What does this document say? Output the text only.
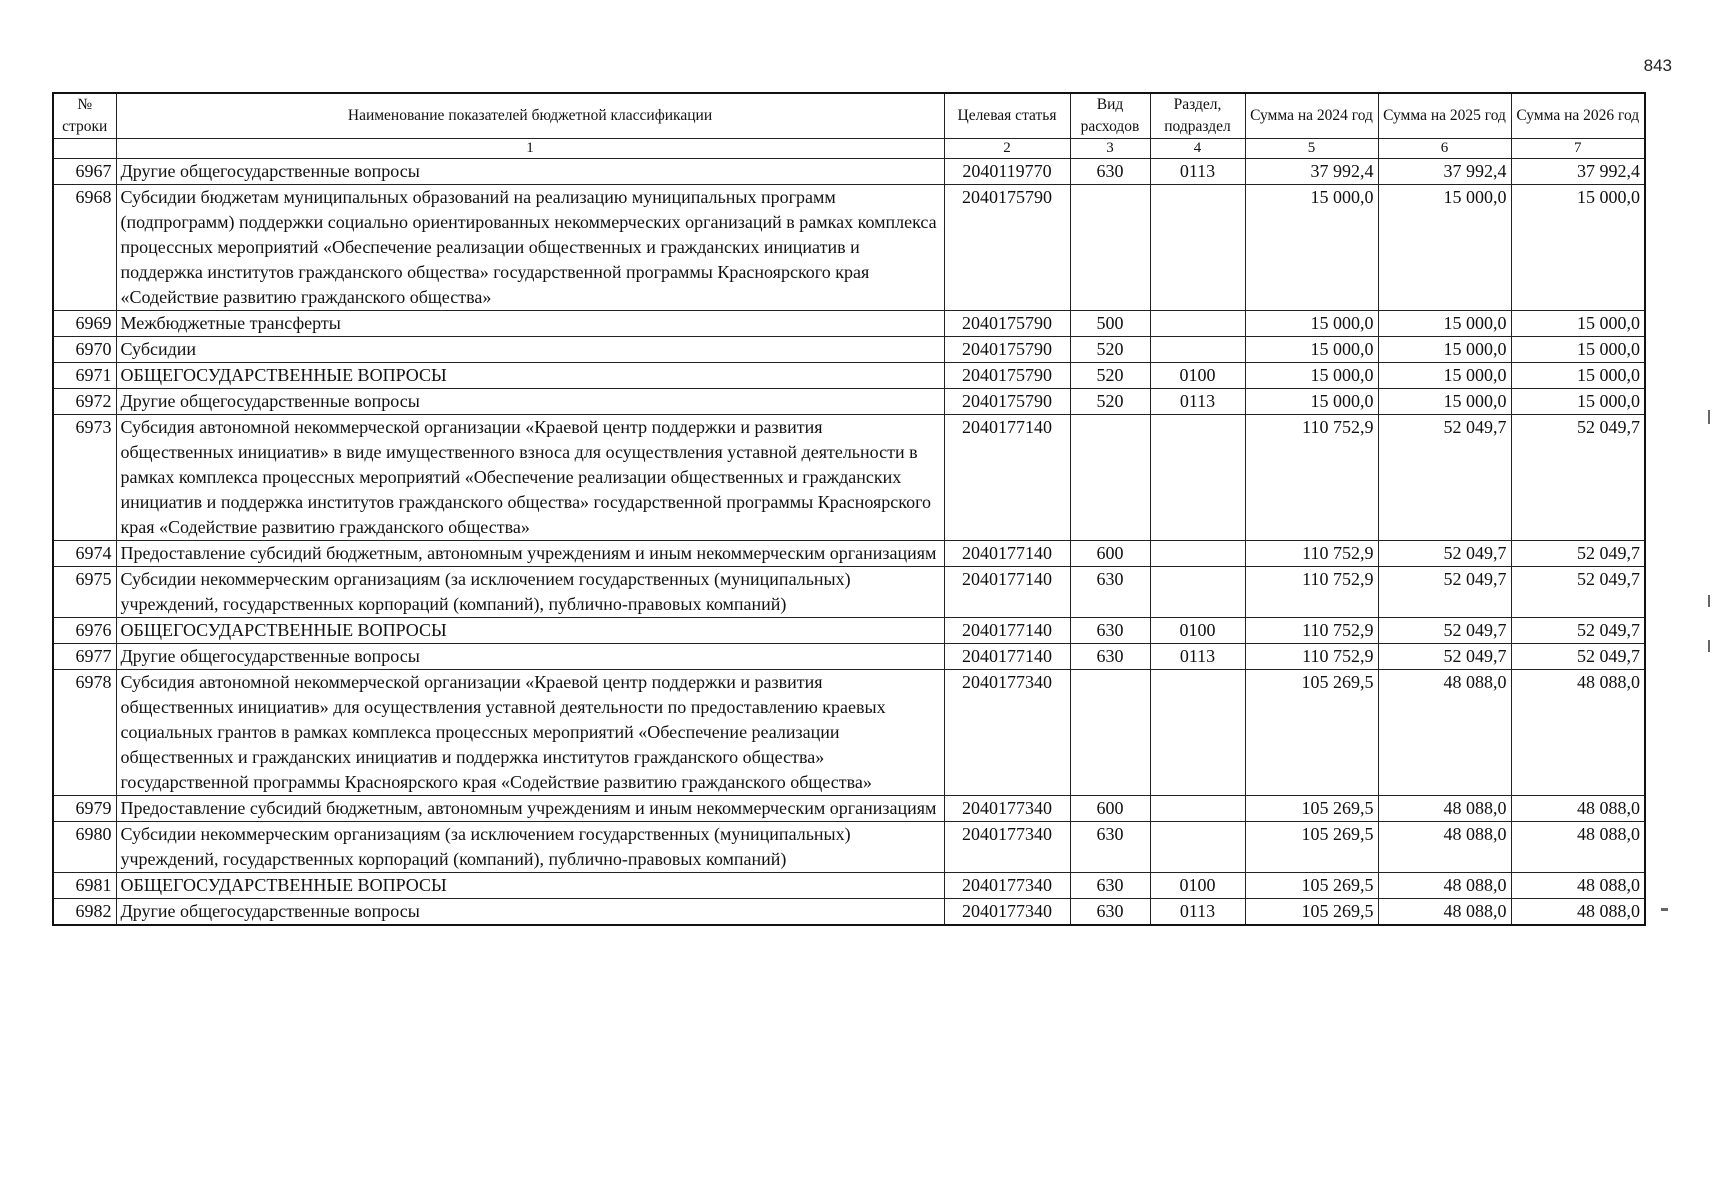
843
№ строки	Наименование показателей бюджетной классификации	Целевая статья	Вид расходов	Раздел, подраздел	Сумма на 2024 год	Сумма на 2025 год	Сумма на 2026 год
	1	2	3	4	5	6	7
6967	Другие общегосударственные вопросы	2040119770	630	0113	37 992,4	37 992,4	37 992,4
6968	Субсидии бюджетам муниципальных образований на реализацию муниципальных программ (подпрограмм) поддержки социально ориентированных некоммерческих организаций в рамках комплекса процессных мероприятий «Обеспечение реализации общественных и гражданских инициатив и поддержка институтов гражданского общества» государственной программы Красноярского края «Содействие развитию гражданского общества»	2040175790			15 000,0	15 000,0	15 000,0
6969	Межбюджетные трансферты	2040175790	500		15 000,0	15 000,0	15 000,0
6970	Субсидии	2040175790	520		15 000,0	15 000,0	15 000,0
6971	ОБЩЕГОСУДАРСТВЕННЫЕ ВОПРОСЫ	2040175790	520	0100	15 000,0	15 000,0	15 000,0
6972	Другие общегосударственные вопросы	2040175790	520	0113	15 000,0	15 000,0	15 000,0
6973	Субсидия автономной некоммерческой организации «Краевой центр поддержки и развития общественных инициатив» в виде имущественного взноса для осуществления уставной деятельности в рамках комплекса процессных мероприятий «Обеспечение реализации общественных и гражданских инициатив и поддержка институтов гражданского общества» государственной программы Красноярского края «Содействие развитию гражданского общества»	2040177140			110 752,9	52 049,7	52 049,7
6974	Предоставление субсидий бюджетным, автономным учреждениям и иным некоммерческим организациям	2040177140	600		110 752,9	52 049,7	52 049,7
6975	Субсидии некоммерческим организациям (за исключением государственных (муниципальных) учреждений, государственных корпораций (компаний), публично-правовых компаний)	2040177140	630		110 752,9	52 049,7	52 049,7
6976	ОБЩЕГОСУДАРСТВЕННЫЕ ВОПРОСЫ	2040177140	630	0100	110 752,9	52 049,7	52 049,7
6977	Другие общегосударственные вопросы	2040177140	630	0113	110 752,9	52 049,7	52 049,7
6978	Субсидия автономной некоммерческой организации «Краевой центр поддержки и развития общественных инициатив» для осуществления уставной деятельности по предоставлению краевых социальных грантов в рамках комплекса процессных мероприятий «Обеспечение реализации общественных и гражданских инициатив и поддержка институтов гражданского общества» государственной программы Красноярского края «Содействие развитию гражданского общества»	2040177340			105 269,5	48 088,0	48 088,0
6979	Предоставление субсидий бюджетным, автономным учреждениям и иным некоммерческим организациям	2040177340	600		105 269,5	48 088,0	48 088,0
6980	Субсидии некоммерческим организациям (за исключением государственных (муниципальных) учреждений, государственных корпораций (компаний), публично-правовых компаний)	2040177340	630		105 269,5	48 088,0	48 088,0
6981	ОБЩЕГОСУДАРСТВЕННЫЕ ВОПРОСЫ	2040177340	630	0100	105 269,5	48 088,0	48 088,0
6982	Другие общегосударственные вопросы	2040177340	630	0113	105 269,5	48 088,0	48 088,0
